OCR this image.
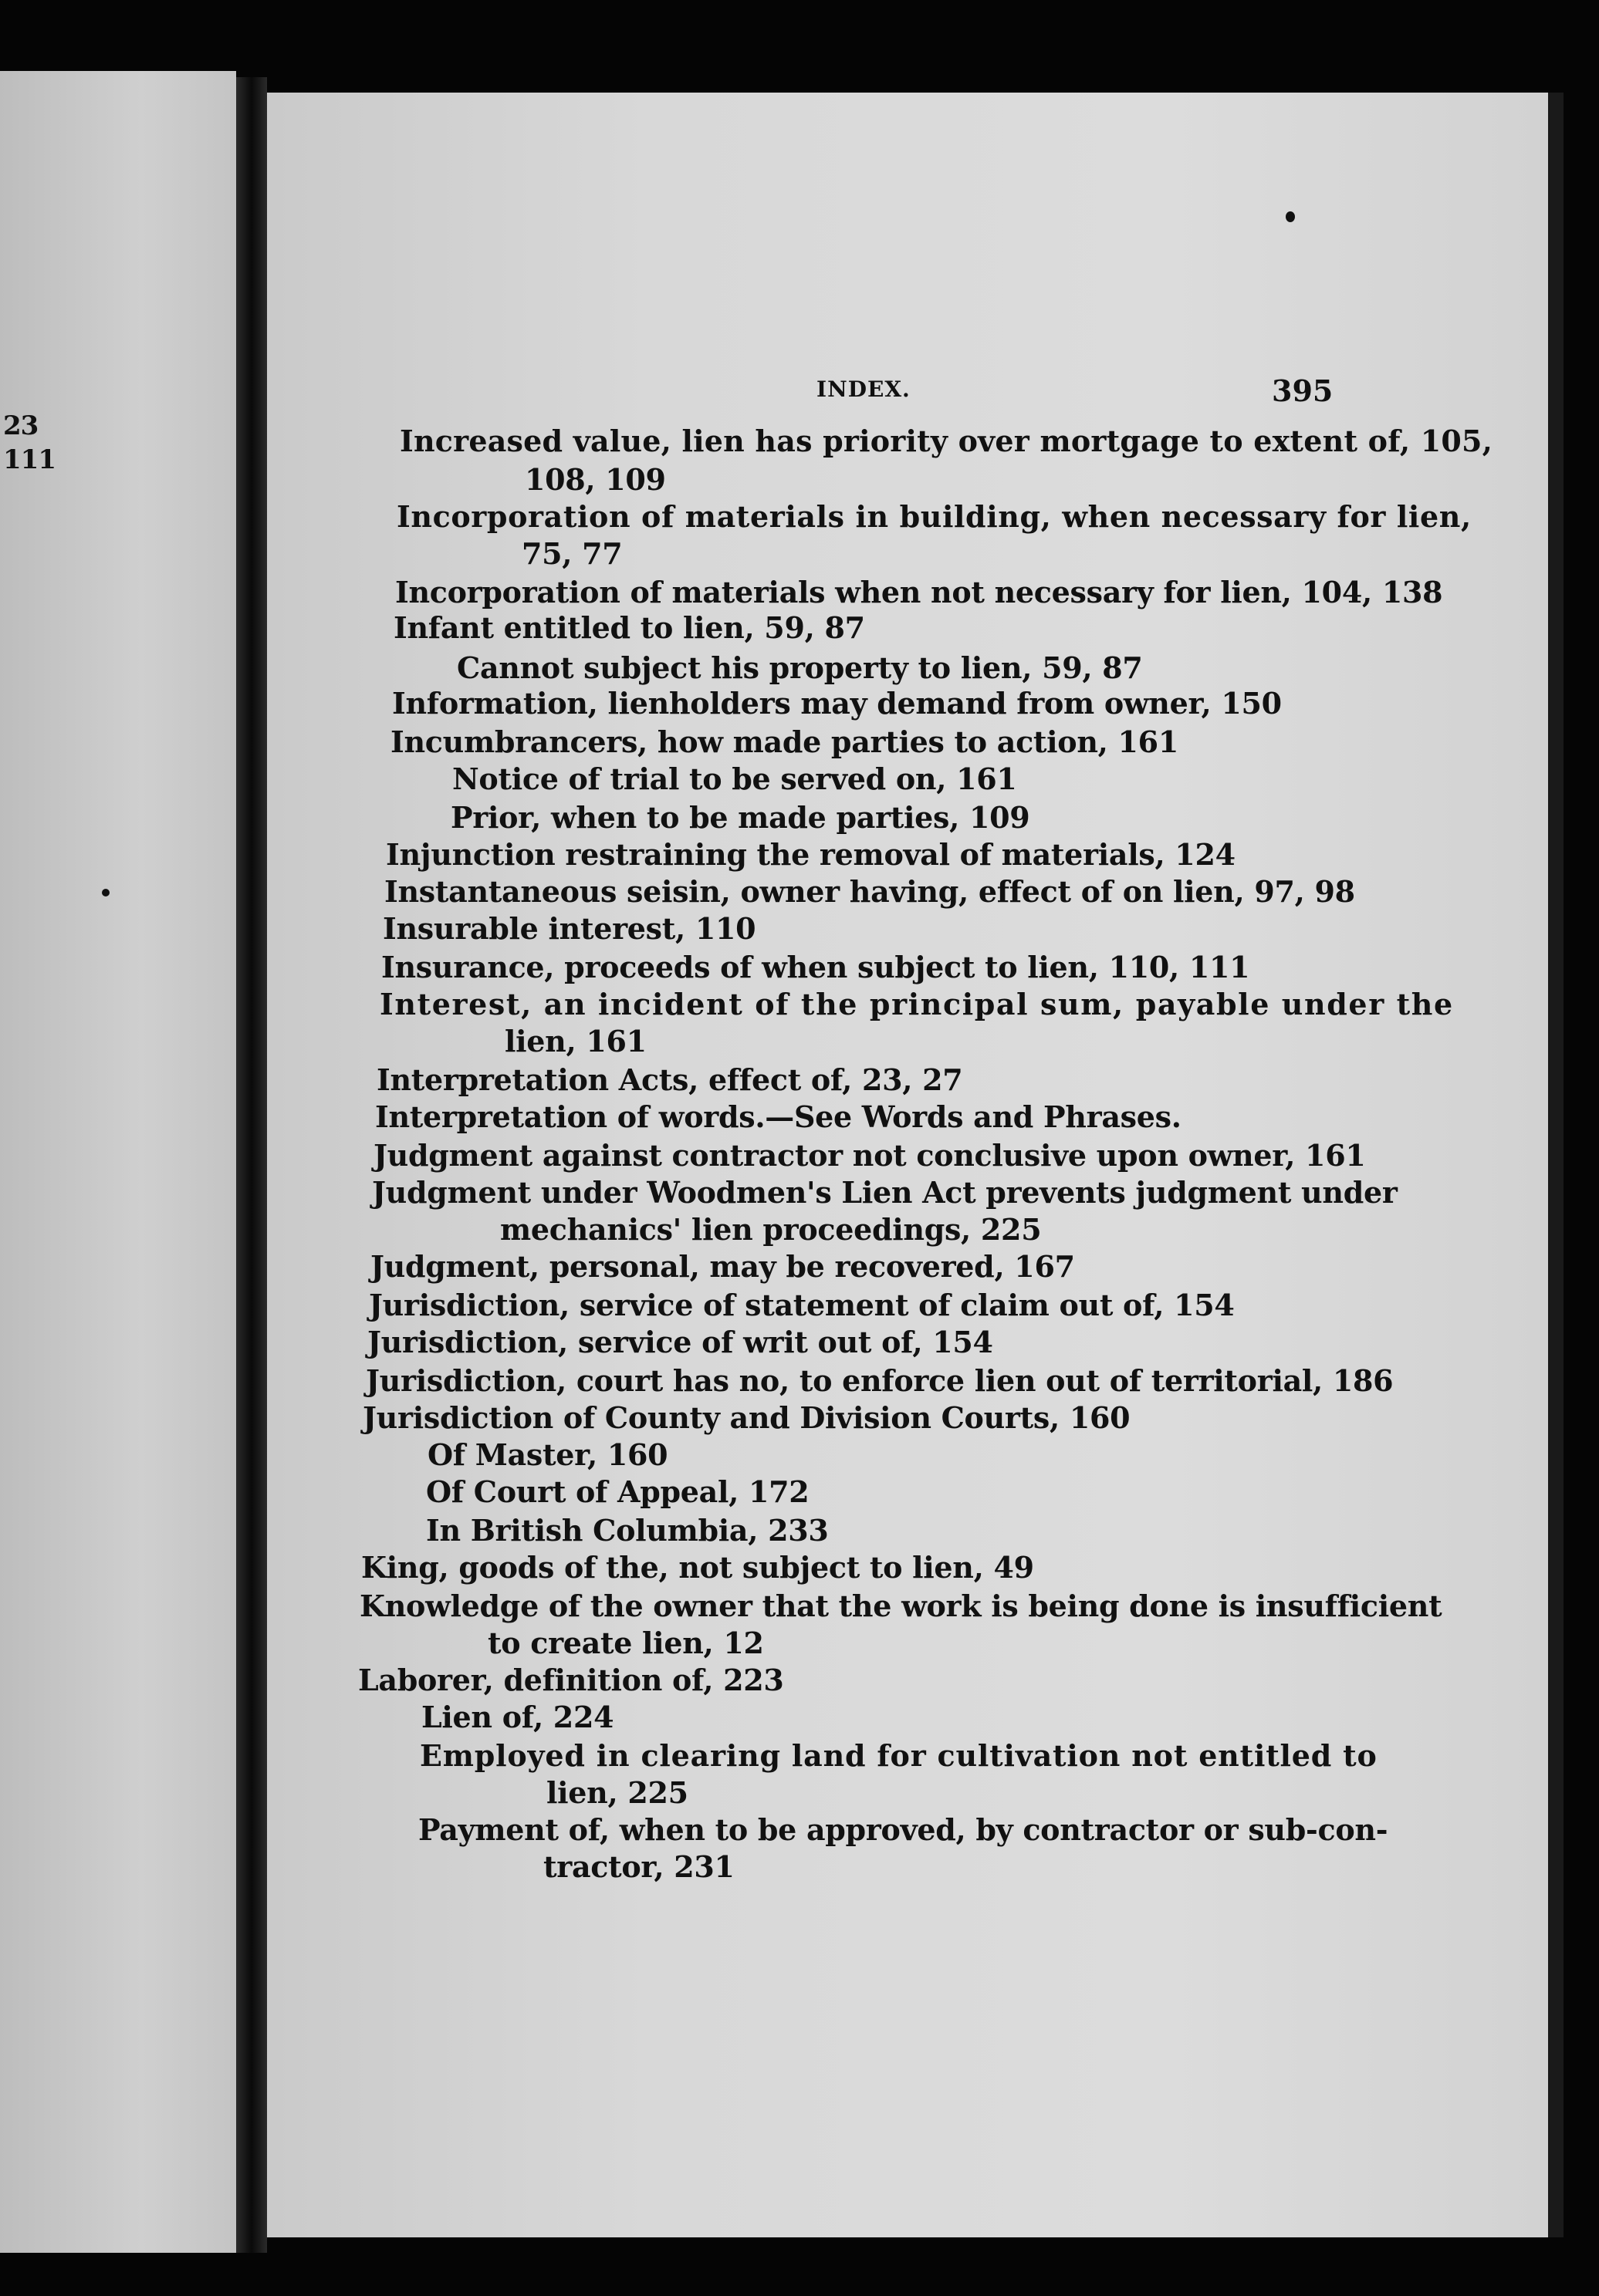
23
111
INDEX.	395
Increased value, lien has priority over mortgage to extent of, 105,
108, 109
Incorporation of materials in building, when necessary for lien,
75, 77
Incorporation of materials when not necessary for lien, 104, 138
Infant entitled to lien, 59, 87
Cannot subject his property to lien, 59, 87
Information, lienholders may demand from owner, 150
Incumbrancers, how made parties to action, 161
Notice of trial to be served on, 161
Prior, when to be made parties, 109
Injunction restraining the removal of materials, 124
Instantaneous seisin, owner having, effect of on lien, 97, 98
Insurable interest, 110
Insurance, proceeds of when subject to lien, 110, 111
Interest, an incident of the principal sum, payable under the
lien, 161
Interpretation Acts, effect of, 23, 27
Interpretation of words.—See Words and Phrases.
Judgment against contractor not conclusive upon owner, 161
Judgment under Woodmen's Lien Act prevents judgment under
mechanics' lien proceedings, 225
Judgment, personal, may be recovered, 167
Jurisdiction, service of statement of claim out of, 154
Jurisdiction, service of writ out of, 154
Jurisdiction, court has no, to enforce lien out of territorial, 186
Jurisdiction of County and Division Courts, 160
Of Master, 160
Of Court of Appeal, 172
In British Columbia, 233
King, goods of the, not subject to lien, 49
Knowledge of the owner that the work is being done is insufficient
to create lien, 12
Laborer, definition of, 223
Lien of, 224
Employed in clearing land for cultivation not entitled to
lien, 225
Payment of, when to be approved, by contractor or sub-con-
tractor, 231
